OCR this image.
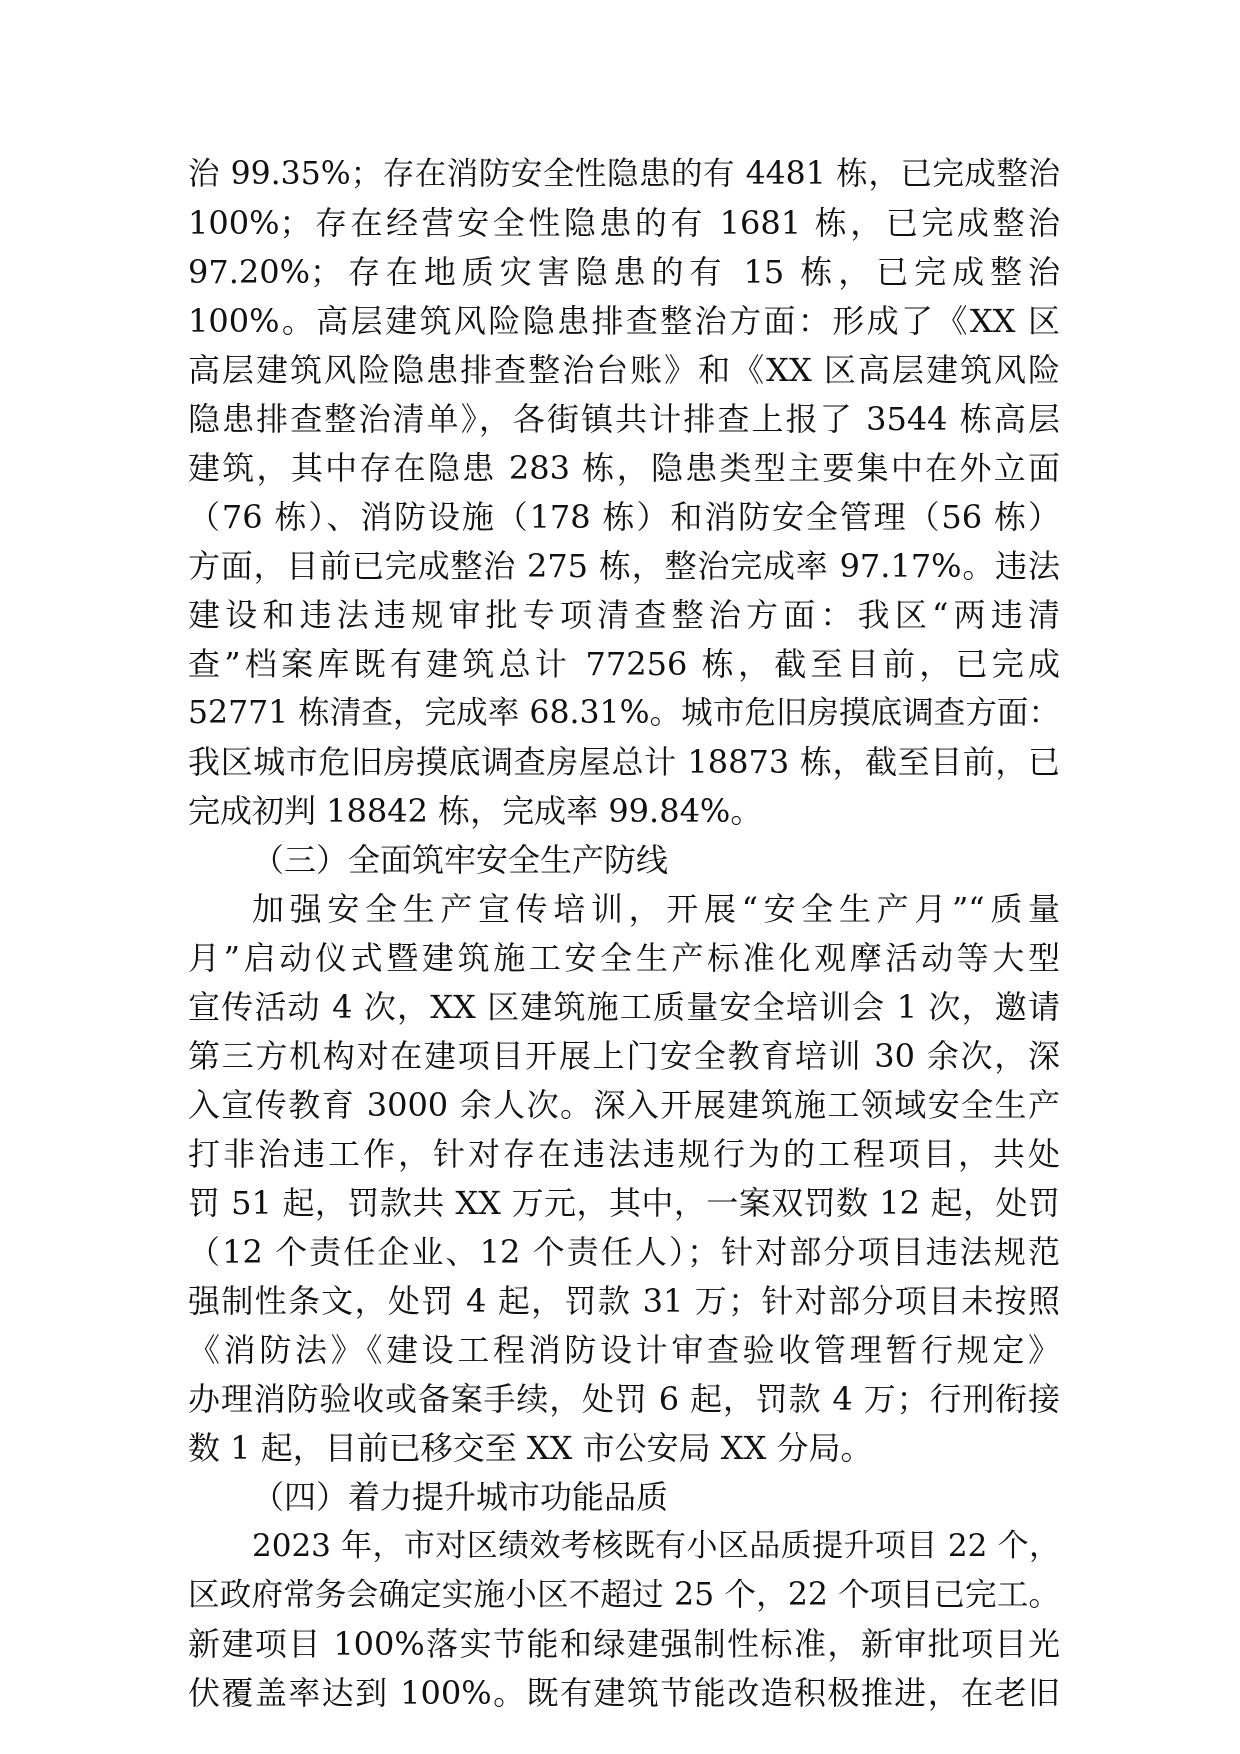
治 99.35%；存在消防安全性隐患的有 4481 栋，已完成整治
100%；存在经营安全性隐患的有 1681 栋，已完成整治
97.20%；存在地质灾害隐患的有 15 栋，已完成整治
100%。高层建筑风险隐患排查整治方面：形成了《XX 区
高层建筑风险隐患排查整治台账》和《XX 区高层建筑风险
隐患排查整治清单》，各街镇共计排查上报了 3544 栋高层
建筑，其中存在隐患 283 栋，隐患类型主要集中在外立面
（76 栋）、消防设施（178 栋）和消防安全管理（56 栋）
方面，目前已完成整治 275 栋，整治完成率 97.17%。违法
建设和违法违规审批专项清查整治方面：我区“两违清
查”档案库既有建筑总计 77256 栋，截至目前，已完成
52771 栋清查，完成率 68.31%。城市危旧房摸底调查方面：
我区城市危旧房摸底调查房屋总计 18873 栋，截至目前，已
完成初判 18842 栋，完成率 99.84%。
（三）全面筑牢安全生产防线
加强安全生产宣传培训，开展“安全生产月”“质量
月”启动仪式暨建筑施工安全生产标准化观摩活动等大型
宣传活动 4 次，XX 区建筑施工质量安全培训会 1 次，邀请
第三方机构对在建项目开展上门安全教育培训 30 余次，深
入宣传教育 3000 余人次。深入开展建筑施工领域安全生产
打非治违工作，针对存在违法违规行为的工程项目，共处
罚 51 起，罚款共 XX 万元，其中，一案双罚数 12 起，处罚
（12 个责任企业、12 个责任人）；针对部分项目违法规范
强制性条文，处罚 4 起，罚款 31 万；针对部分项目未按照
《消防法》《建设工程消防设计审查验收管理暂行规定》
办理消防验收或备案手续，处罚 6 起，罚款 4 万；行刑衔接
数 1 起，目前已移交至 XX 市公安局 XX 分局。
（四）着力提升城市功能品质
2023 年，市对区绩效考核既有小区品质提升项目 22 个，
区政府常务会确定实施小区不超过 25 个，22 个项目已完工。
新建项目 100%落实节能和绿建强制性标准，新审批项目光
伏覆盖率达到 100%。既有建筑节能改造积极推进，在老旧
